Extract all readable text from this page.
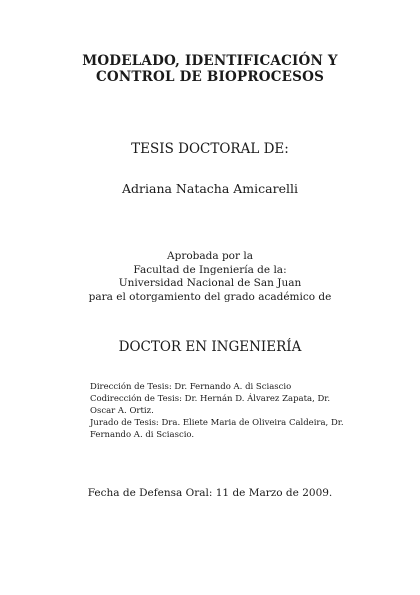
MODELADO, IDENTIFICACIÓN Y
CONTROL DE BIOPROCESOS
TESIS DOCTORAL DE:
Adriana Natacha Amicarelli
Aprobada por la
Facultad de Ingeniería de la:
Universidad Nacional de San Juan
para el otorgamiento del grado académico de
DOCTOR EN INGENIERÍA

Dirección de Tesis: Dr. Fernando A. di Sciascio

Codirección de Tesis: Dr. Hernán D. Álvarez Zapata, Dr. Oscar A. Ortiz.

Jurado de Tesis: Dra. Eliete Maria de Oliveira Caldeira, Dr. Fernando A. di Sciascio.

Fecha de Defensa Oral: 11 de Marzo de 2009.
